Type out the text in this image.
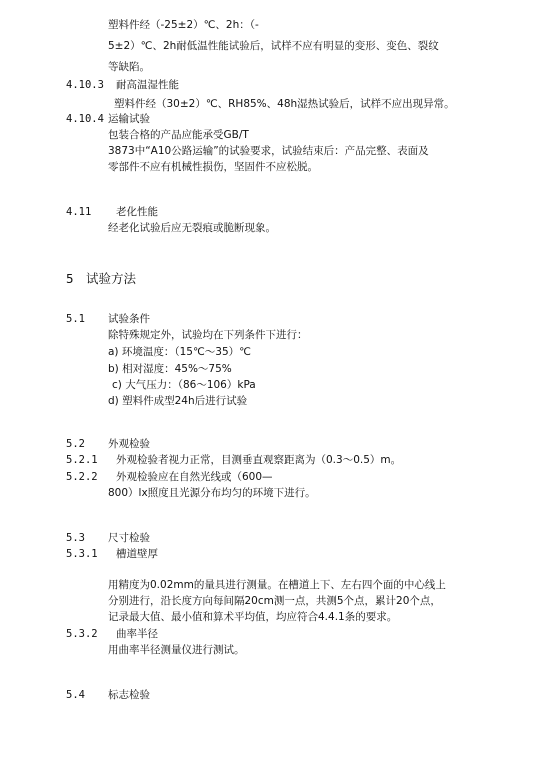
塑料件经（-25±2）℃、2h：（-
5±2）℃、2h耐低温性能试验后，试样不应有明显的变形、变色、裂纹
等缺陷。
4.10.3 耐高温湿性能
塑料件经（30±2）℃、RH85%、48h湿热试验后，试样不应出现异常。
4.10.4 运输试验
包装合格的产品应能承受GB/T
3873中“A10公路运输”的试验要求，试验结束后：产品完整、表面及
零部件不应有机械性损伤，坚固件不应松脱。
4.11 老化性能
经老化试验后应无裂痕或脆断现象。
5 试验方法
5.1 试验条件
除特殊规定外，试验均在下列条件下进行：
a) 环境温度：（15℃～35）℃
b) 相对湿度：45%～75%
c) 大气压力：（86～106）kPa
d) 塑料件成型24h后进行试验
5.2 外观检验
5.2.1 外观检验者视力正常，目测垂直观察距离为（0.3～0.5）m。
5.2.2 外观检验应在自然光线或（600—
800）lx照度且光源分布均匀的环境下进行。
5.3 尺寸检验
5.3.1 槽道壁厚
用精度为0.02mm的量具进行测量。在槽道上下、左右四个面的中心线上
分别进行，沿长度方向每间隔20cm测一点，共测5个点，累计20个点，
记录最大值、最小值和算术平均值，均应符合4.4.1条的要求。
5.3.2 曲率半径
用曲率半径测量仪进行测试。
5.4 标志检验
